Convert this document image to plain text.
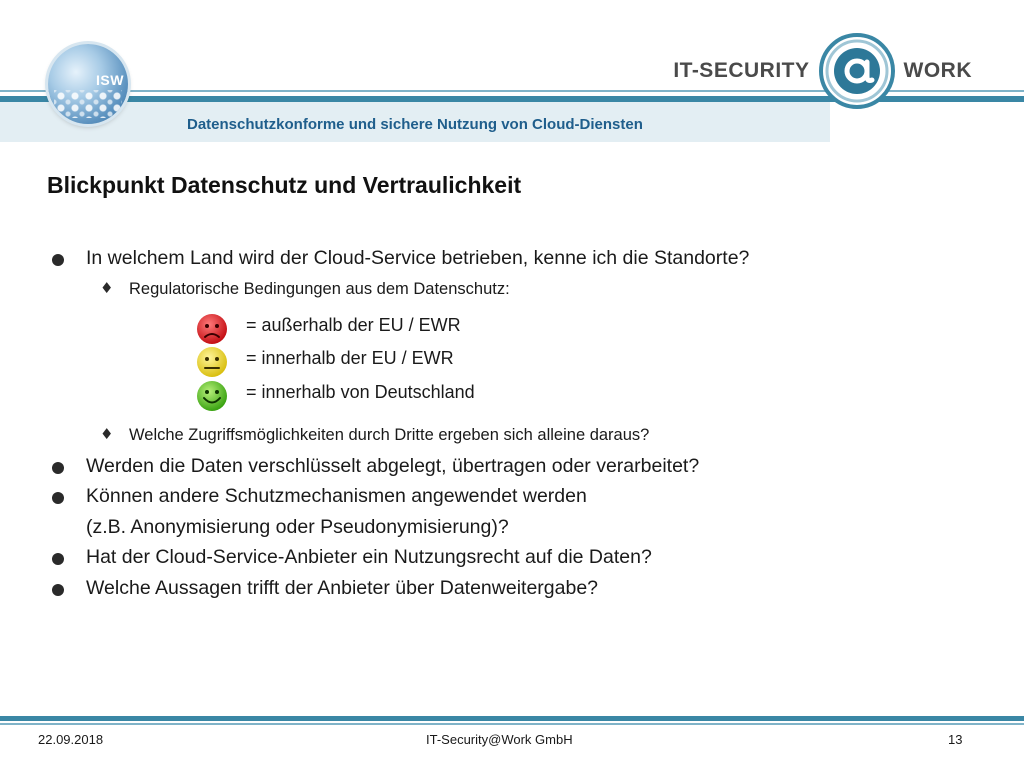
Datenschutzkonforme und sichere Nutzung von Cloud-Diensten
ISW	IT-SECURITY	WORK
Blickpunkt Datenschutz und Vertraulichkeit
In welchem Land wird der Cloud-Service betrieben, kenne ich die Standorte?
♦ Regulatorische Bedingungen aus dem Datenschutz:
= außerhalb der EU / EWR
= innerhalb der EU / EWR
= innerhalb von Deutschland
♦ Welche Zugriffsmöglichkeiten durch Dritte ergeben sich alleine daraus?
Werden die Daten verschlüsselt abgelegt, übertragen oder verarbeitet?
Können andere Schutzmechanismen angewendet werden
(z.B. Anonymisierung oder Pseudonymisierung)?
Hat der Cloud-Service-Anbieter ein Nutzungsrecht auf die Daten?
Welche Aussagen trifft der Anbieter über Datenweitergabe?
22.09.2018	IT-Security@Work GmbH	13
